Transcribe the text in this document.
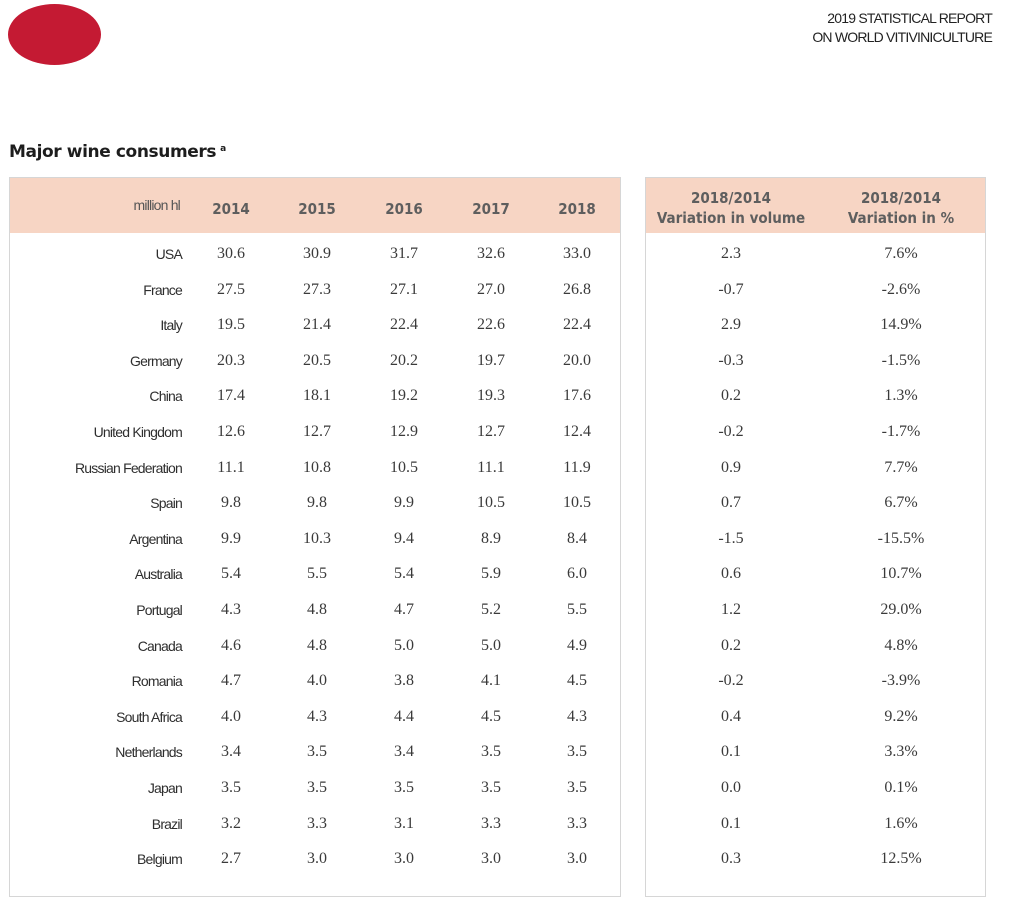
2019 STATISTICAL REPORT
ON WORLD VITIVINICULTURE
Major wine consumers $^a$
million hl	2014	2015	2016	2017	2018
USA	30.6	30.9	31.7	32.6	33.0
France	27.5	27.3	27.1	27.0	26.8
Italy	19.5	21.4	22.4	22.6	22.4
Germany	20.3	20.5	20.2	19.7	20.0
China	17.4	18.1	19.2	19.3	17.6
United Kingdom	12.6	12.7	12.9	12.7	12.4
Russian Federation	11.1	10.8	10.5	11.1	11.9
Spain	9.8	9.8	9.9	10.5	10.5
Argentina	9.9	10.3	9.4	8.9	8.4
Australia	5.4	5.5	5.4	5.9	6.0
Portugal	4.3	4.8	4.7	5.2	5.5
Canada	4.6	4.8	5.0	5.0	4.9
Romania	4.7	4.0	3.8	4.1	4.5
South Africa	4.0	4.3	4.4	4.5	4.3
Netherlands	3.4	3.5	3.4	3.5	3.5
Japan	3.5	3.5	3.5	3.5	3.5
Brazil	3.2	3.3	3.1	3.3	3.3
Belgium	2.7	3.0	3.0	3.0	3.0
2018/2014
Variation in volume
2018/2014
Variation in %
2.3	7.6%
-0.7	-2.6%
2.9	14.9%
-0.3	-1.5%
0.2	1.3%
-0.2	-1.7%
0.9	7.7%
0.7	6.7%
-1.5	-15.5%
0.6	10.7%
1.2	29.0%
0.2	4.8%
-0.2	-3.9%
0.4	9.2%
0.1	3.3%
0.0	0.1%
0.1	1.6%
0.3	12.5%
